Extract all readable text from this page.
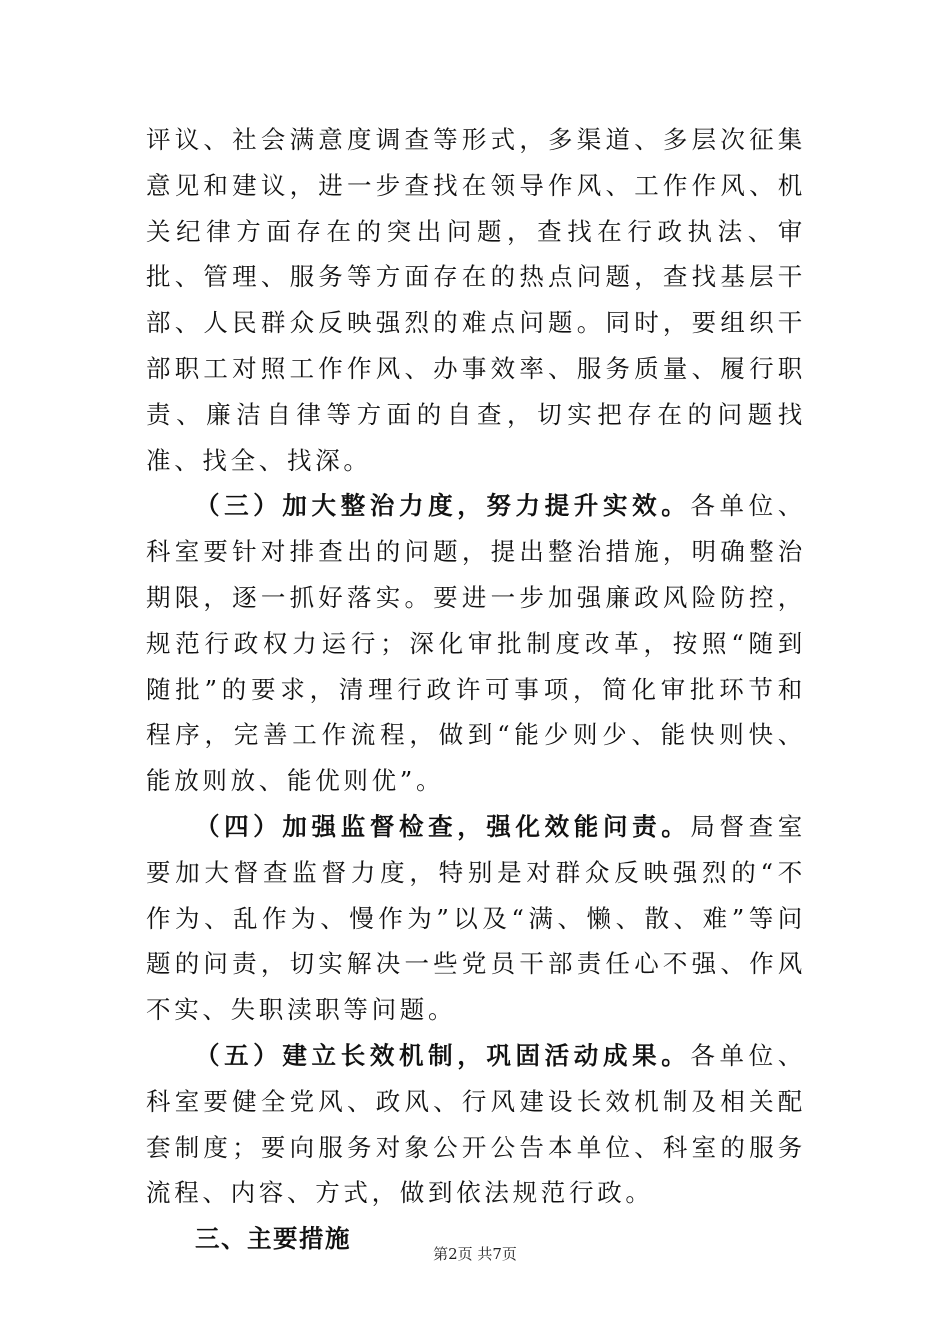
评议、社会满意度调查等形式，多渠道、多层次征集意见和建议，进一步查找在领导作风、工作作风、机关纪律方面存在的突出问题，查找在行政执法、审批、管理、服务等方面存在的热点问题，查找基层干部、人民群众反映强烈的难点问题。同时，要组织干部职工对照工作作风、办事效率、服务质量、履行职责、廉洁自律等方面的自查，切实把存在的问题找准、找全、找深。

（三）加大整治力度，努力提升实效。各单位、科室要针对排查出的问题，提出整治措施，明确整治期限，逐一抓好落实。要进一步加强廉政风险防控，规范行政权力运行；深化审批制度改革，按照“随到随批”的要求，清理行政许可事项，简化审批环节和程序，完善工作流程，做到“能少则少、能快则快、能放则放、能优则优”。

（四）加强监督检查，强化效能问责。局督查室要加大督查监督力度，特别是对群众反映强烈的“不作为、乱作为、慢作为”以及“满、懒、散、难”等问题的问责，切实解决一些党员干部责任心不强、作风不实、失职渎职等问题。

（五）建立长效机制，巩固活动成果。各单位、科室要健全党风、政风、行风建设长效机制及相关配套制度；要向服务对象公开公告本单位、科室的服务流程、内容、方式，做到依法规范行政。

三、主要措施

第2页 共7页
